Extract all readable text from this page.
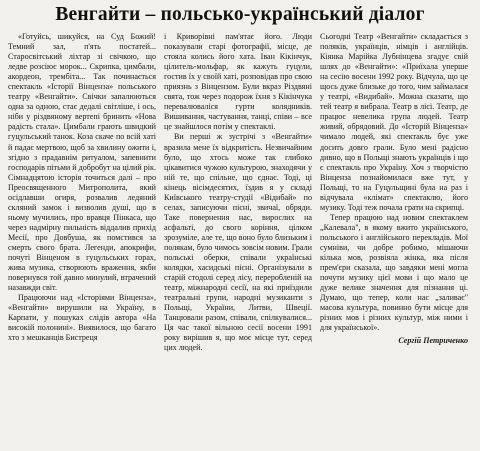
Венгайти – польсько-український діалог

«Готуйсь, шикуйся, на Суд Божий! Темний зал, п'ять постатей... Старосвітський ліхтар зі свічкою, що ледве розсіює морок... Скрипка, цимбали, акордеон, трембіта... Так починається спектакль «Історії Вінценза» польського театру «Венгайти». Свічки запалюються одна за одною, стає дедалі світліше, і ось, ніби у різдвяному вертепі бринить «Нова радість стала». Цимбали грають швидкий гуцульський танок. Коза скаче по всій хаті й падає мертвою, щоб за хвилину ожити і, згідно з прадавнім ритуалом, запевнити господарів пітьми й добробут на цілий рік. Сімнадцятою історія точиться далі – про Преосвященного Митрополита, який осідлавши огиря, розвалив ледяний скляний замок і визволив душі, що в ньому мучились, про вравця Пінкаса, що через надмірну пильність віддалив прихід Месії, про Довбуша, як помстився за смерть свого брата. Легенди, апокрифи, почуті Вінценом в гуцульських горах, жива музика, створюють враження, якби повернувся той давно минулий, втрачений назавжди світ.

Працюючи над «Історіями Вінценза», «Венгайти» вирушили на Україну, в Карпати, у пошуках слідів автора «На високій полонині». Виявилося, що багато хто з мешканців Бистреця

і Криворівні пам'ятає його. Люди показували старі фотографії, місце, де стояла колись його хата. Іван Кікінчук, цілитель-мольфар, як кажуть гуцули, гостив їх у своїй хаті, розповідав про свою приязнь з Вінцензом. Були вкраз Різдвяні свята, тож через подорож їхня з Кікінчука перевалюваліся гурти колядників. Вишивання, частування, танці, співи – все це знайшлося потім у спектаклі.

Ви перші ж зустрічі з «Венгайти» вразила мене їх відкритість. Незвичайним було, що хтось може так глибоко цікавитися чужою культурою, знаходячи у ній те, що спільне, що єднає. Тоді, ці кінець вісімдесятих, їздив я у складі Київського театру-студії «Відибай» по селах, записуючи пісні, звичаї, обряди. Таке повернення нас, вирослих на асфальті, до свого коріння, цілком зрозуміле, але те, що воно було близьким і полякам, було чимось зовсім новим. Грали польські оберки, співали українські колядки, хасидські пісні. Організували в старій стодолі серед лісу, переробленій на театр, міжнародні сесії, на які приїздили театральні групи, народні музиканти з Польщі, України, Литви, Швеції. Танцювали разом, співали, спілкувалися... Ця час такої вільною сесії восени 1991 року вирішив я, що моє місце тут, серед цих людей.

Сьогодні Театр «Венгайти» складається з поляків, українців, німців і англійців. Кіянка Марійка Лубнінцева згадує свій шлях до «Венгайти»: «Приїхала уперше на сесію восени 1992 року. Відчула, що це щось дуже близьке до того, чим займалася у театрі, «Видибай». Можна сказати, що тей театр я вибрала. Театр в лісі. Театр, де працює невелика група людей. Театр живий, обрядовий. До «Історій Вінценза» чимало людей, які спектакль бує уже досить довго грали. Було мені радісно дивно, що в Польщі знають українців і що є спектакль про Україну. Хоч з творчістю Вінценза познайомилася вже тут, у Польщі, то на Гуцульщині була на раз і відчувала «клімат» спектаклю, його музику. Тоді теж почала грати на скрипці.

Тепер працюю над новим спектаклем „Калевала", в якому вжито українського, польського і англійського перекладів. Мої сумніви, чи добре робимо, мішаючи кілька мов, розвіяла жінка, яка після прем'єри сказала, що завдяки мені могла почути музику цієї мови і що мало це дуже велике значення для пізнання ці. Думаю, що тепер, коли нас „заливає" масова культура, повинно бути місце для різних мов і різних культур, між ними і для української».

Сергій Петриченко
